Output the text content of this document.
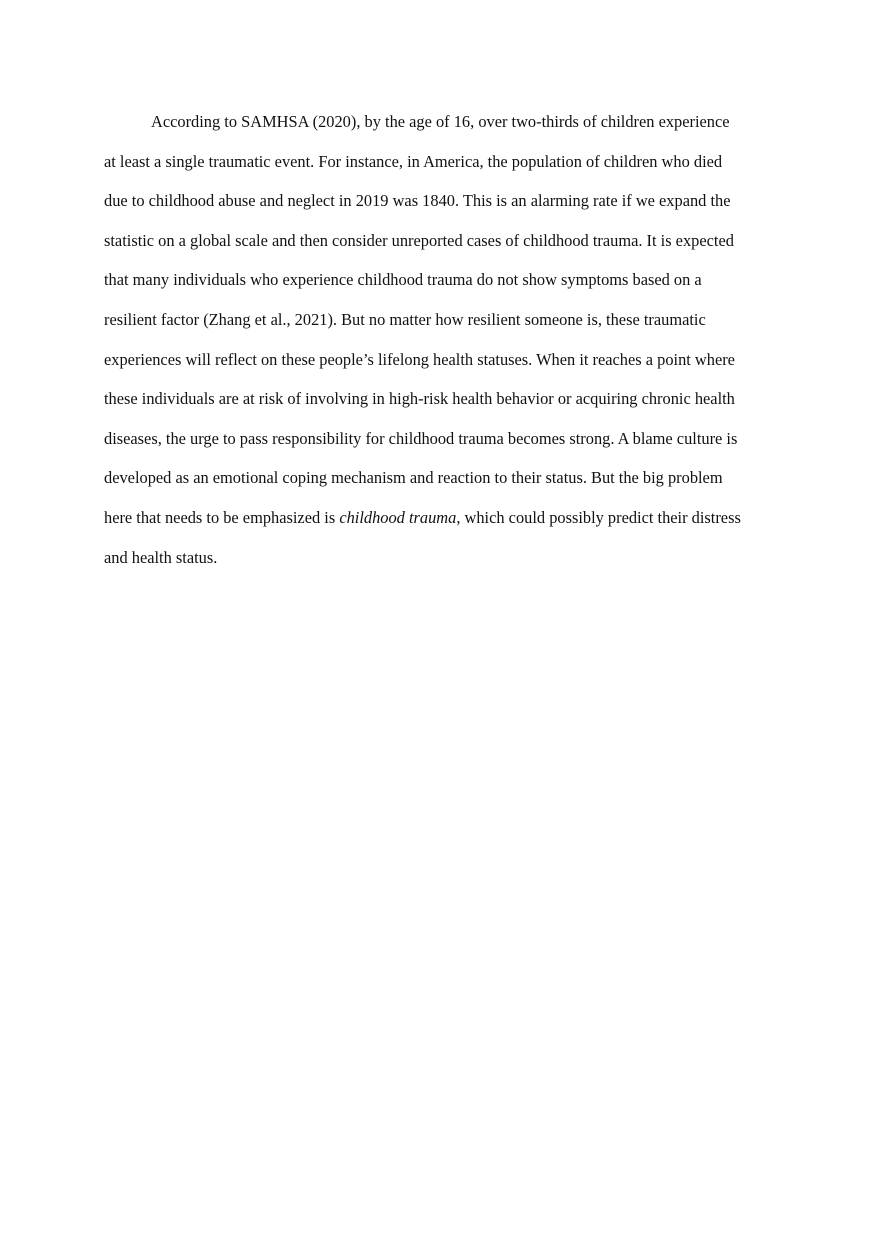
According to SAMHSA (2020), by the age of 16, over two-thirds of children experience
at least a single traumatic event. For instance, in America, the population of children who died
due to childhood abuse and neglect in 2019 was 1840. This is an alarming rate if we expand the
statistic on a global scale and then consider unreported cases of childhood trauma. It is expected
that many individuals who experience childhood trauma do not show symptoms based on a
resilient factor (Zhang et al., 2021). But no matter how resilient someone is, these traumatic
experiences will reflect on these people’s lifelong health statuses. When it reaches a point where
these individuals are at risk of involving in high-risk health behavior or acquiring chronic health
diseases, the urge to pass responsibility for childhood trauma becomes strong. A blame culture is
developed as an emotional coping mechanism and reaction to their status. But the big problem
here that needs to be emphasized is childhood trauma, which could possibly predict their distress
and health status.
